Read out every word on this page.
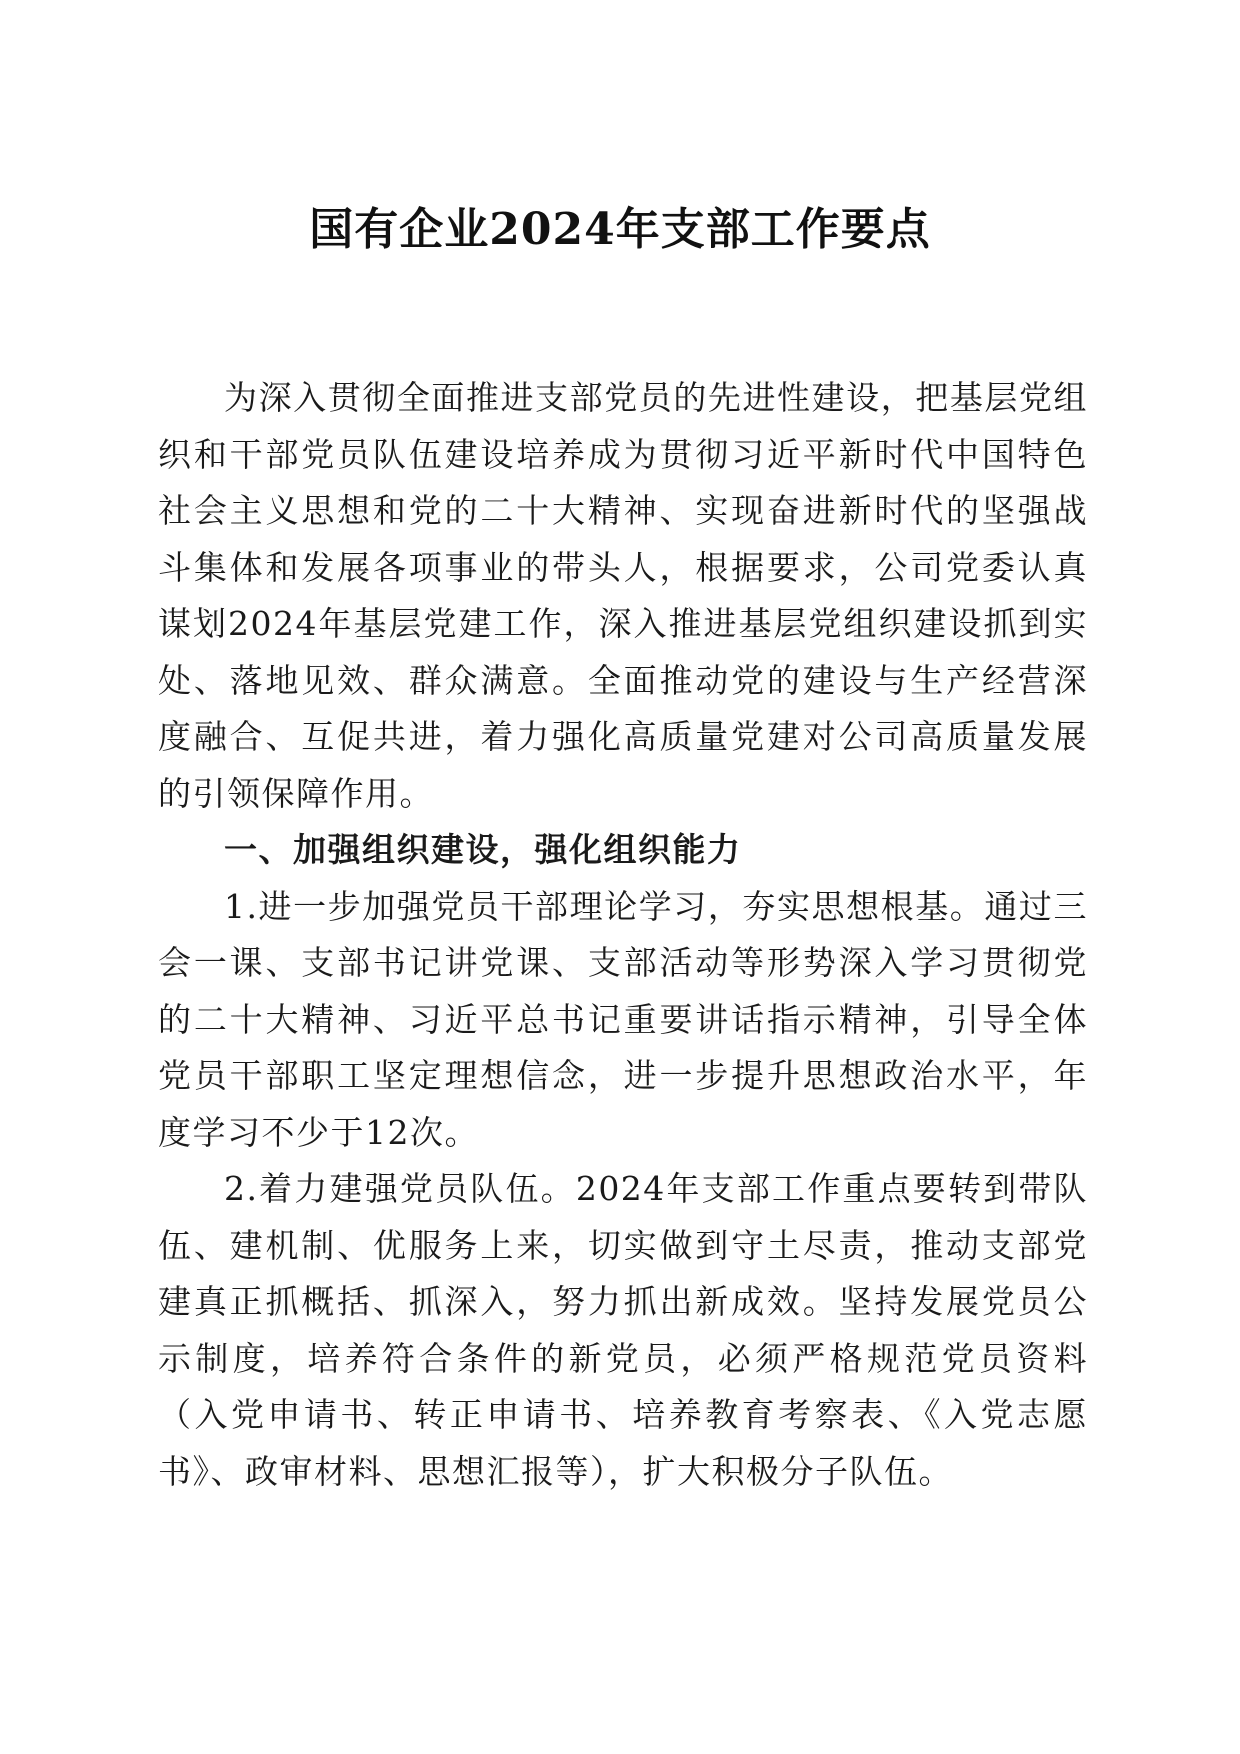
国有企业2024年支部工作要点

为深入贯彻全面推进支部党员的先进性建设，把基层党组织和干部党员队伍建设培养成为贯彻习近平新时代中国特色社会主义思想和党的二十大精神、实现奋进新时代的坚强战斗集体和发展各项事业的带头人，根据要求，公司党委认真谋划2024年基层党建工作，深入推进基层党组织建设抓到实处、落地见效、群众满意。全面推动党的建设与生产经营深度融合、互促共进，着力强化高质量党建对公司高质量发展的引领保障作用。

一、加强组织建设，强化组织能力

1.进一步加强党员干部理论学习，夯实思想根基。通过三会一课、支部书记讲党课、支部活动等形势深入学习贯彻党的二十大精神、习近平总书记重要讲话指示精神，引导全体党员干部职工坚定理想信念，进一步提升思想政治水平，年度学习不少于12次。

2.着力建强党员队伍。2024年支部工作重点要转到带队伍、建机制、优服务上来，切实做到守土尽责，推动支部党建真正抓概括、抓深入，努力抓出新成效。坚持发展党员公示制度，培养符合条件的新党员，必须严格规范党员资料（入党申请书、转正申请书、培养教育考察表、《入党志愿书》、政审材料、思想汇报等），扩大积极分子队伍。
